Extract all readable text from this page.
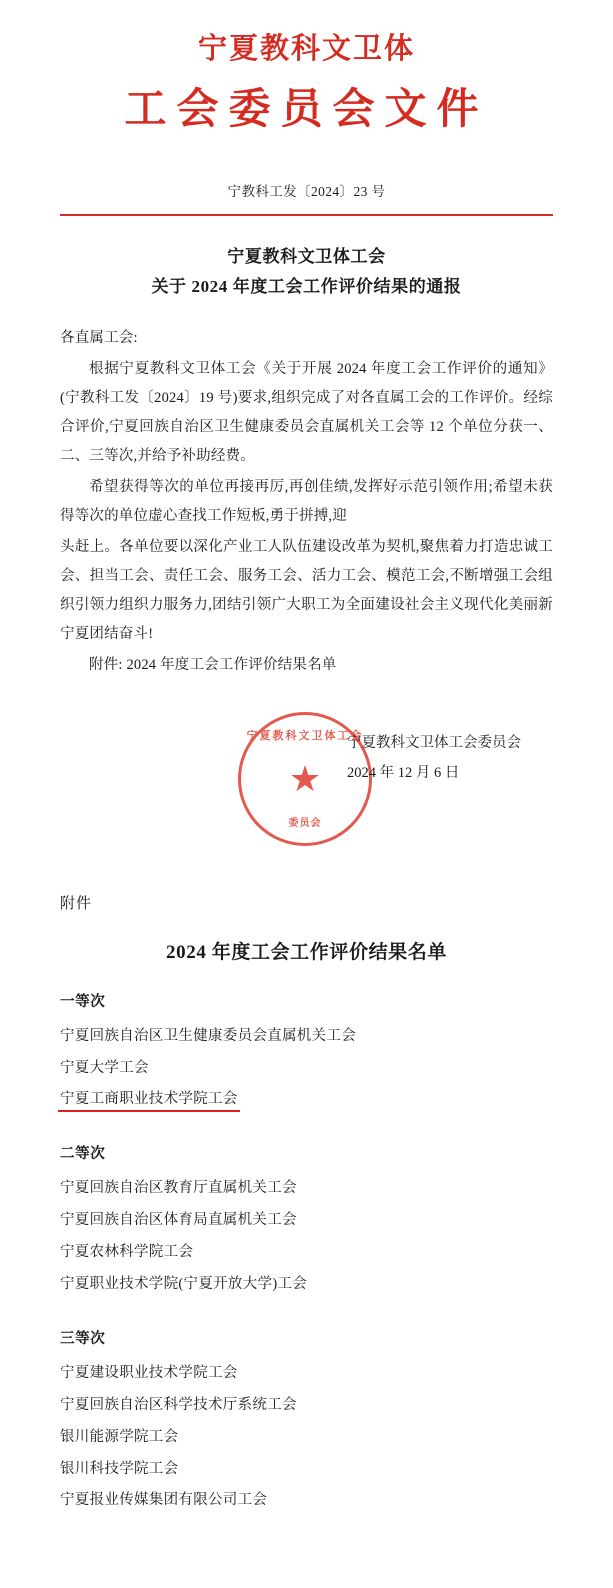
宁夏教科文卫体
工会委员会文件
宁教科工发〔2024〕23 号
宁夏教科文卫体工会
关于 2024 年度工会工作评价结果的通报

各直属工会:

根据宁夏教科文卫体工会《关于开展 2024 年度工会工作评价的通知》(宁教科工发〔2024〕19 号)要求,组织完成了对各直属工会的工作评价。经综合评价,宁夏回族自治区卫生健康委员会直属机关工会等 12 个单位分获一、二、三等次,并给予补助经费。

希望获得等次的单位再接再厉,再创佳绩,发挥好示范引领作用;希望未获得等次的单位虚心查找工作短板,勇于拼搏,迎

头赶上。各单位要以深化产业工人队伍建设改革为契机,聚焦着力打造忠诚工会、担当工会、责任工会、服务工会、活力工会、模范工会,不断增强工会组织引领力组织力服务力,团结引领广大职工为全面建设社会主义现代化美丽新宁夏团结奋斗!

附件: 2024 年度工会工作评价结果名单

宁夏教科文卫体工会
★
委员会
宁夏教科文卫体工会委员会
2024 年 12 月 6 日
附件
2024 年度工会工作评价结果名单
一等次
宁夏回族自治区卫生健康委员会直属机关工会
宁夏大学工会
宁夏工商职业技术学院工会
二等次
宁夏回族自治区教育厅直属机关工会
宁夏回族自治区体育局直属机关工会
宁夏农林科学院工会
宁夏职业技术学院(宁夏开放大学)工会
三等次
宁夏建设职业技术学院工会
宁夏回族自治区科学技术厅系统工会
银川能源学院工会
银川科技学院工会
宁夏报业传媒集团有限公司工会
